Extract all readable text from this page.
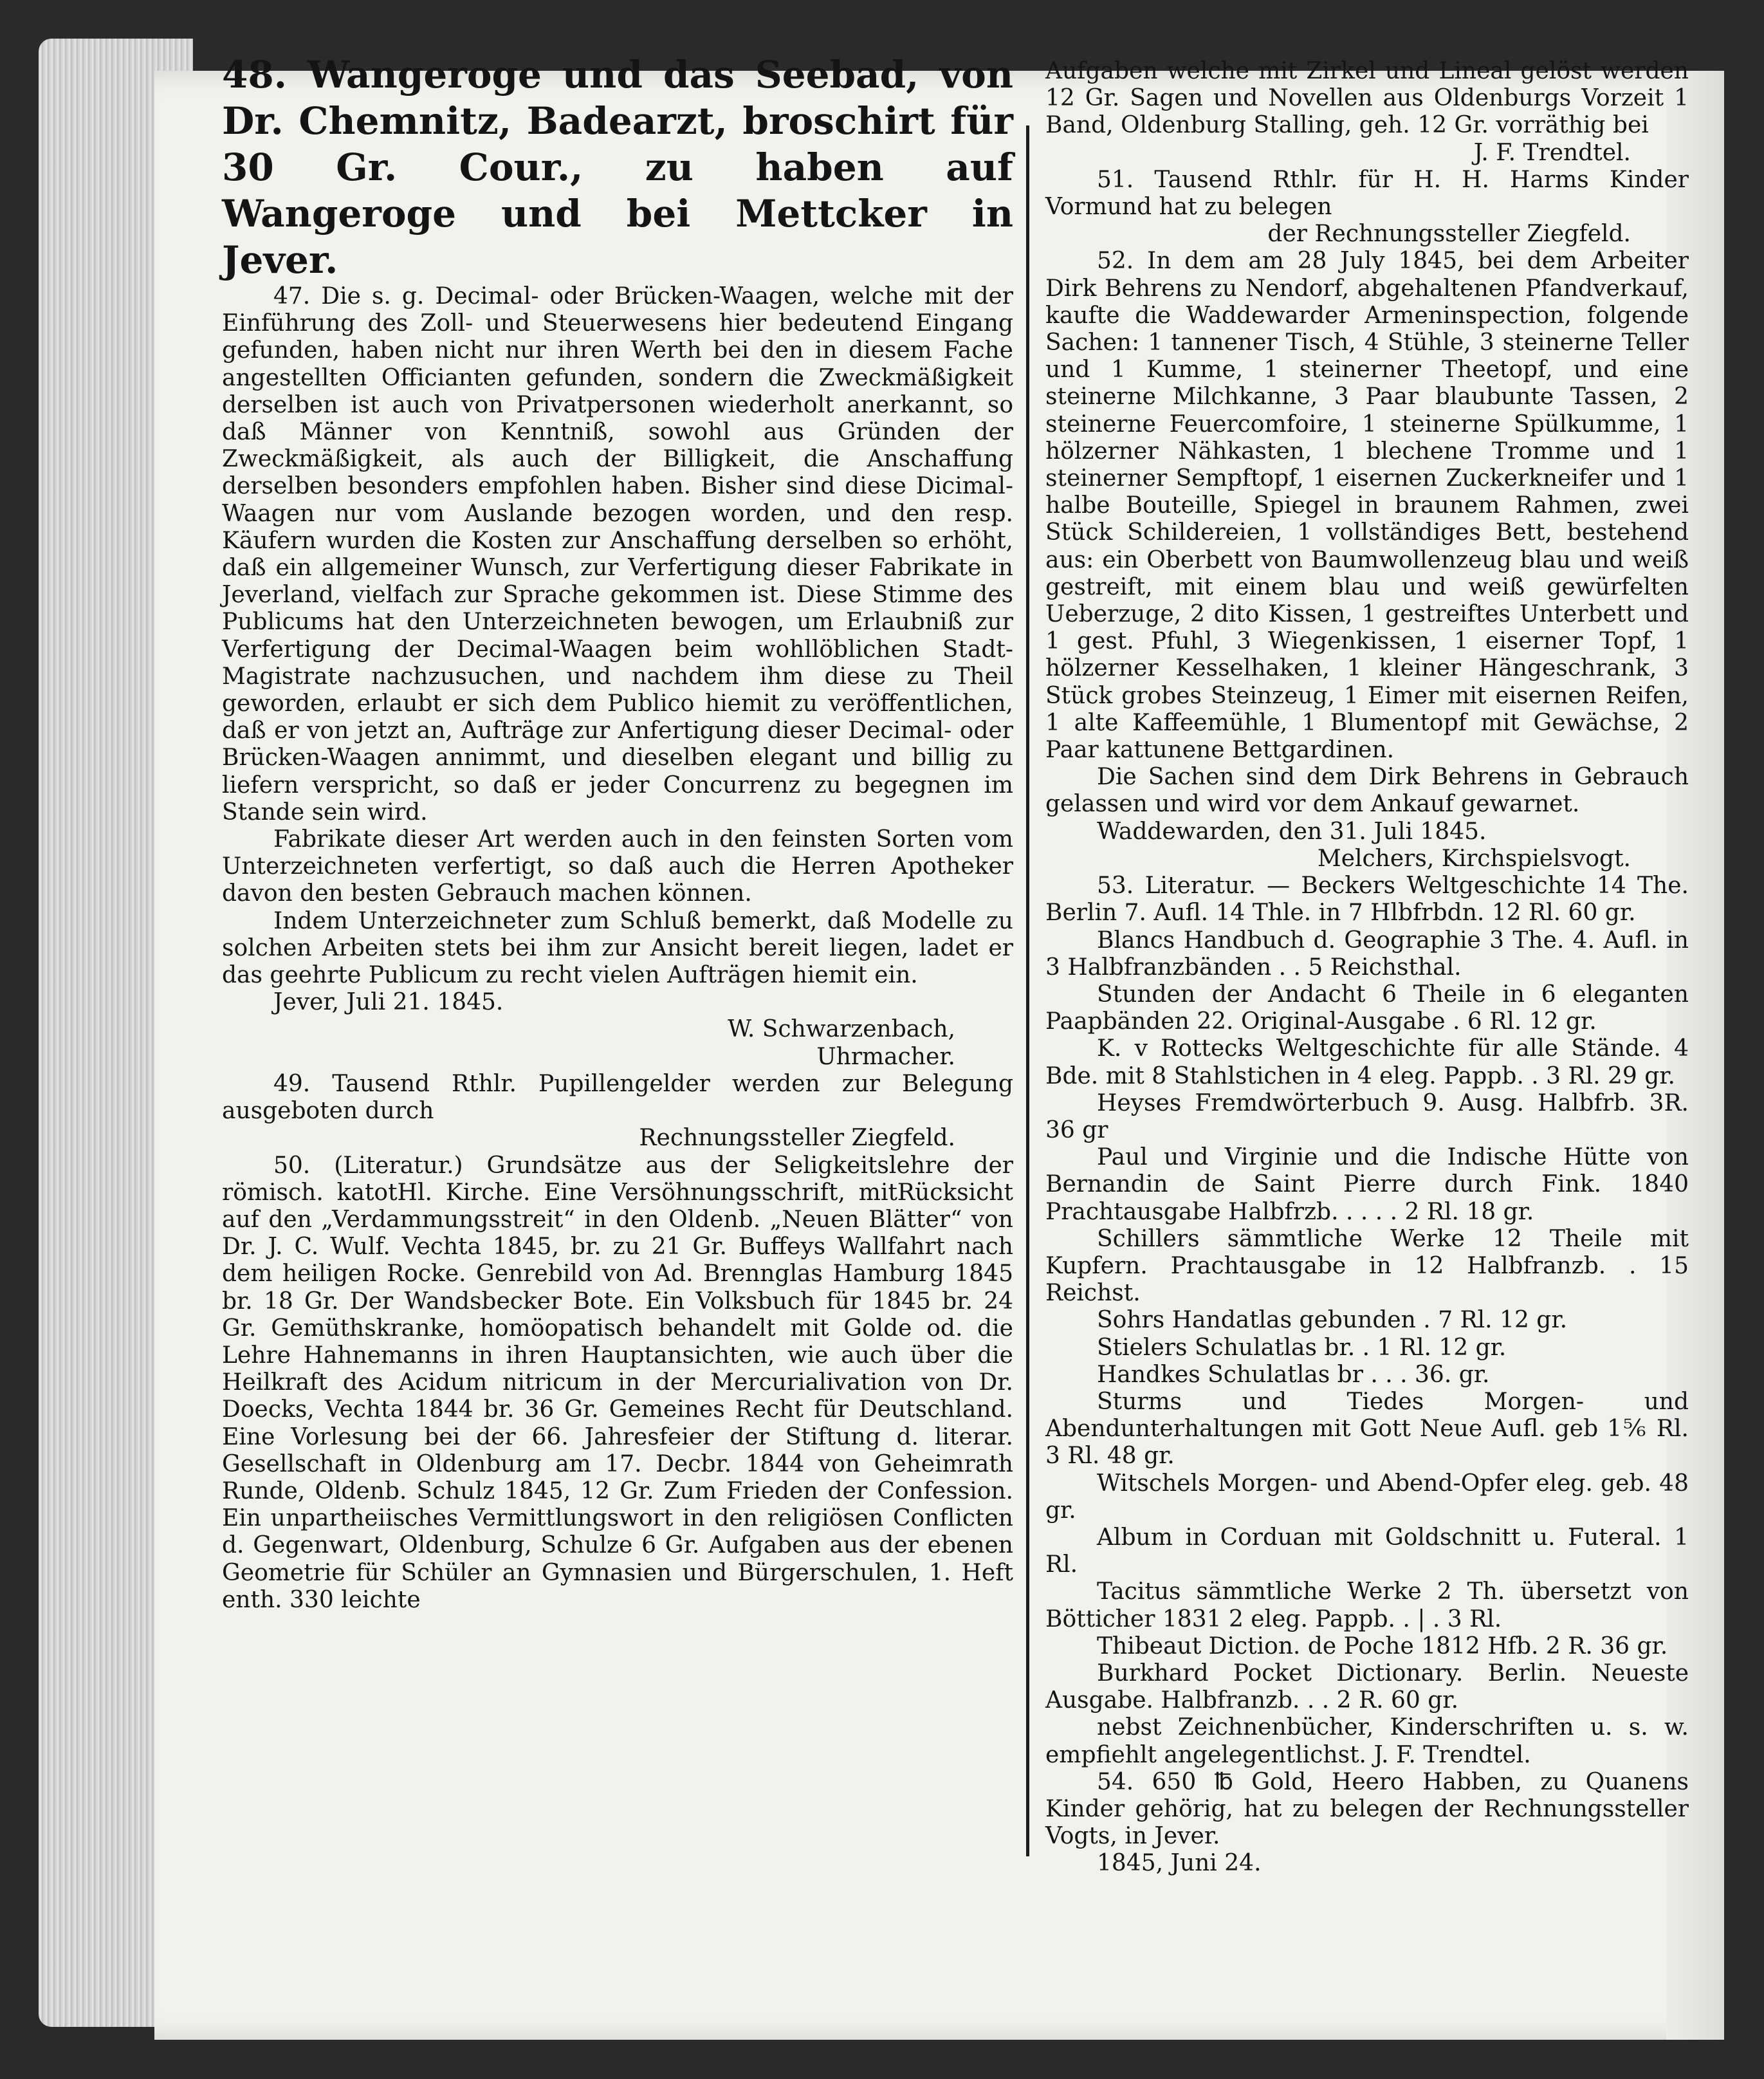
48. Wangeroge und das Seebad, von Dr. Chemnitz, Badearzt, broschirt für 30 Gr. Cour., zu haben auf Wangeroge und bei Mettcker in Jever.

47. Die s. g. Decimal- oder Brücken-Waagen, welche mit der Einführung des Zoll- und Steuerwesens hier bedeutend Eingang gefunden, haben nicht nur ihren Werth bei den in diesem Fache angestellten Officianten gefunden, sondern die Zweckmäßigkeit derselben ist auch von Privatpersonen wiederholt anerkannt, so daß Männer von Kenntniß, sowohl aus Gründen der Zweckmäßigkeit, als auch der Billigkeit, die Anschaffung derselben besonders empfohlen haben. Bisher sind diese Dicimal-Waagen nur vom Auslande bezogen worden, und den resp. Käufern wurden die Kosten zur Anschaffung derselben so erhöht, daß ein allgemeiner Wunsch, zur Verfertigung dieser Fabrikate in Jeverland, vielfach zur Sprache gekommen ist. Diese Stimme des Publicums hat den Unterzeichneten bewogen, um Erlaubniß zur Verfertigung der Decimal-Waagen beim wohllöblichen Stadt-Magistrate nachzusuchen, und nachdem ihm diese zu Theil geworden, erlaubt er sich dem Publico hiemit zu veröffentlichen, daß er von jetzt an, Aufträge zur Anfertigung dieser Decimal- oder Brücken-Waagen annimmt, und dieselben elegant und billig zu liefern verspricht, so daß er jeder Concurrenz zu begegnen im Stande sein wird.

Fabrikate dieser Art werden auch in den feinsten Sorten vom Unterzeichneten verfertigt, so daß auch die Herren Apotheker davon den besten Gebrauch machen können.

Indem Unterzeichneter zum Schluß bemerkt, daß Modelle zu solchen Arbeiten stets bei ihm zur Ansicht bereit liegen, ladet er das geehrte Publicum zu recht vielen Aufträgen hiemit ein.

Jever, Juli 21. 1845.

W. Schwarzenbach,

Uhrmacher.

49. Tausend Rthlr. Pupillengelder werden zur Belegung ausgeboten durch

Rechnungssteller Ziegfeld.

50. (Literatur.) Grundsätze aus der Seligkeitslehre der römisch. katotHl. Kirche. Eine Versöhnungsschrift, mitRücksicht auf den „Verdammungsstreit“ in den Oldenb. „Neuen Blätter“ von Dr. J. C. Wulf. Vechta 1845, br. zu 21 Gr. Buffeys Wallfahrt nach dem heiligen Rocke. Genrebild von Ad. Brennglas Hamburg 1845 br. 18 Gr. Der Wandsbecker Bote. Ein Volksbuch für 1845 br. 24 Gr. Gemüthskranke, homöopatisch behandelt mit Golde od. die Lehre Hahnemanns in ihren Hauptansichten, wie auch über die Heilkraft des Acidum nitricum in der Mercurialivation von Dr. Doecks, Vechta 1844 br. 36 Gr. Gemeines Recht für Deutschland. Eine Vorlesung bei der 66. Jahresfeier der Stiftung d. literar. Gesellschaft in Oldenburg am 17. Decbr. 1844 von Geheimrath Runde, Oldenb. Schulz 1845, 12 Gr. Zum Frieden der Confession. Ein unpartheiisches Vermittlungswort in den religiösen Conflicten d. Gegenwart, Oldenburg, Schulze 6 Gr. Aufgaben aus der ebenen Geometrie für Schüler an Gymnasien und Bürgerschulen, 1. Heft enth. 330 leichte

Aufgaben welche mit Zirkel und Lineal gelöst werden 12 Gr. Sagen und Novellen aus Oldenburgs Vorzeit 1 Band, Oldenburg Stalling, geh. 12 Gr. vorräthig bei

J. F. Trendtel.

51. Tausend Rthlr. für H. H. Harms Kinder Vormund hat zu belegen

der Rechnungssteller Ziegfeld.

52. In dem am 28 July 1845, bei dem Arbeiter Dirk Behrens zu Nendorf, abgehaltenen Pfandverkauf, kaufte die Waddewarder Armeninspection, folgende Sachen: 1 tannener Tisch, 4 Stühle, 3 steinerne Teller und 1 Kumme, 1 steinerner Theetopf, und eine steinerne Milchkanne, 3 Paar blaubunte Tassen, 2 steinerne Feuercomfoire, 1 steinerne Spülkumme, 1 hölzerner Nähkasten, 1 blechene Tromme und 1 steinerner Sempftopf, 1 eisernen Zuckerkneifer und 1 halbe Bouteille, Spiegel in braunem Rahmen, zwei Stück Schildereien, 1 vollständiges Bett, bestehend aus: ein Oberbett von Baumwollenzeug blau und weiß gestreift, mit einem blau und weiß gewürfelten Ueberzuge, 2 dito Kissen, 1 gestreiftes Unterbett und 1 gest. Pfuhl, 3 Wiegenkissen, 1 eiserner Topf, 1 hölzerner Kesselhaken, 1 kleiner Hängeschrank, 3 Stück grobes Steinzeug, 1 Eimer mit eisernen Reifen, 1 alte Kaffeemühle, 1 Blumentopf mit Gewächse, 2 Paar kattunene Bettgardinen.

Die Sachen sind dem Dirk Behrens in Gebrauch gelassen und wird vor dem Ankauf gewarnet.

Waddewarden, den 31. Juli 1845.

Melchers, Kirchspielsvogt.

53. Literatur. — Beckers Weltgeschichte 14 The. Berlin 7. Aufl. 14 Thle. in 7 Hlbfrbdn. 12 Rl. 60 gr.

Blancs Handbuch d. Geographie 3 The. 4. Aufl. in 3 Halbfranzbänden . . 5 Reichsthal.

Stunden der Andacht 6 Theile in 6 eleganten Paapbänden 22. Original-Ausgabe . 6 Rl. 12 gr.

K. v Rottecks Weltgeschichte für alle Stände. 4 Bde. mit 8 Stahlstichen in 4 eleg. Pappb. . 3 Rl. 29 gr.

Heyses Fremdwörterbuch 9. Ausg. Halbfrb. 3R. 36 gr

Paul und Virginie und die Indische Hütte von Bernandin de Saint Pierre durch Fink. 1840 Prachtausgabe Halbfrzb. . . . . 2 Rl. 18 gr.

Schillers sämmtliche Werke 12 Theile mit Kupfern. Prachtausgabe in 12 Halbfranzb. . 15 Reichst.

Sohrs Handatlas gebunden . 7 Rl. 12 gr.

Stielers Schulatlas br. . 1 Rl. 12 gr.

Handkes Schulatlas br . . . 36. gr.

Sturms und Tiedes Morgen- und Abendunterhaltungen mit Gott Neue Aufl. geb 1⅚ Rl. 3 Rl. 48 gr.

Witschels Morgen- und Abend-Opfer eleg. geb. 48 gr.

Album in Corduan mit Goldschnitt u. Futeral. 1 Rl.

Tacitus sämmtliche Werke 2 Th. übersetzt von Bötticher 1831 2 eleg. Pappb. . | . 3 Rl.

Thibeaut Diction. de Poche 1812 Hfb. 2 R. 36 gr.

Burkhard Pocket Dictionary. Berlin. Neueste Ausgabe. Halbfranzb. . . 2 R. 60 gr.

nebst Zeichnenbücher, Kinderschriften u. s. w. empfiehlt angelegentlichst. J. F. Trendtel.

54. 650 ℔ Gold, Heero Habben, zu Quanens Kinder gehörig, hat zu belegen der Rechnungssteller Vogts, in Jever.

1845, Juni 24.
